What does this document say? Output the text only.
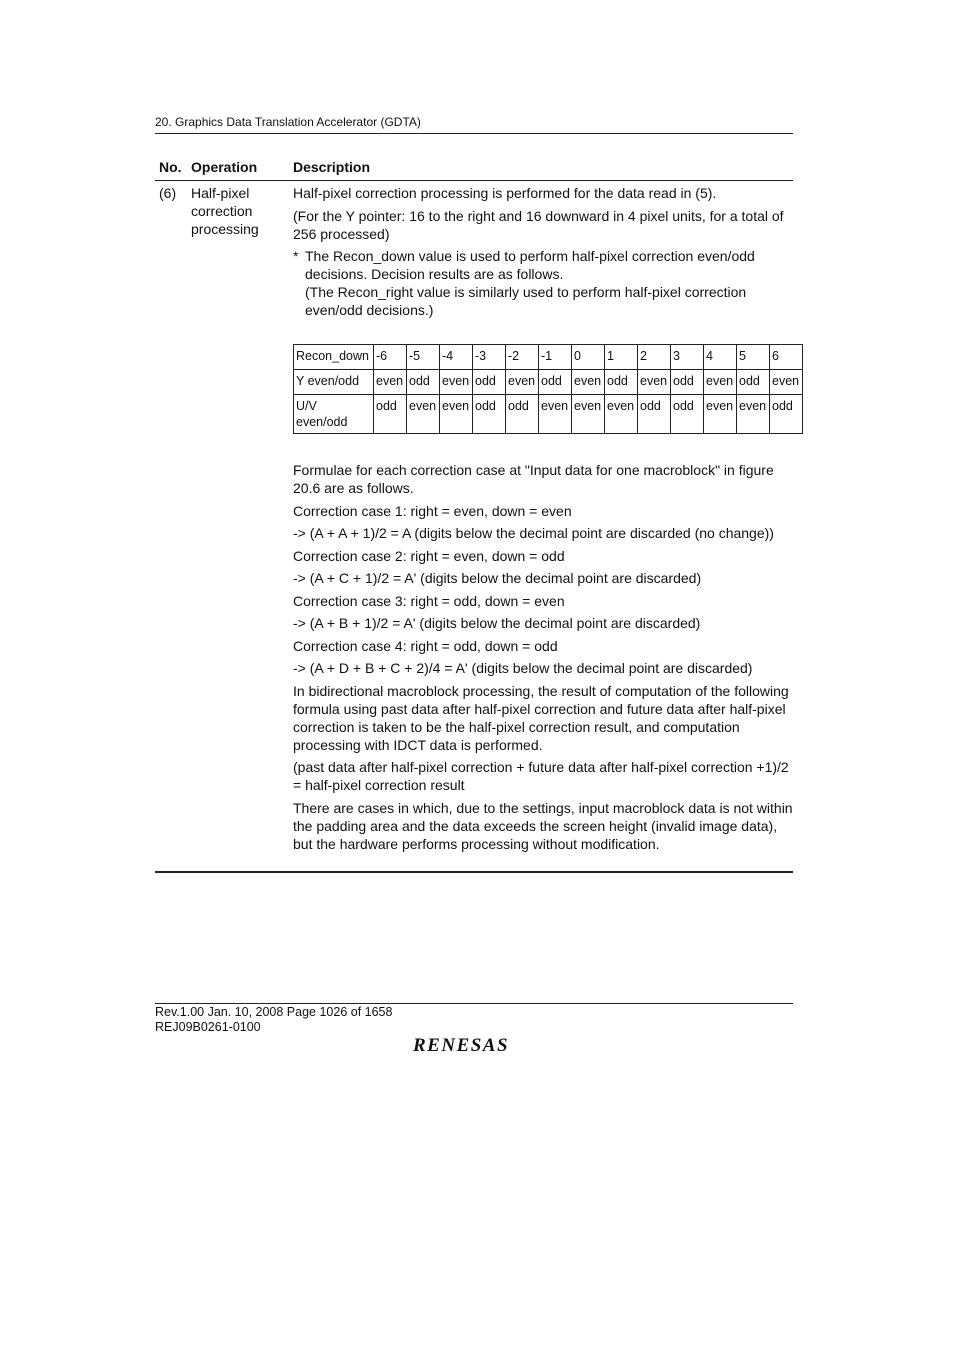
20. Graphics Data Translation Accelerator (GDTA)
No. Operation	Description
(6) Half-pixel correction processing

Half-pixel correction processing is performed for the data read in (5).

(For the Y pointer: 16 to the right and 16 downward in 4 pixel units, for a total of 256 processed)

* The Recon_down value is used to perform half-pixel correction even/odd decisions. Decision results are as follows.
(The Recon_right value is similarly used to perform half-pixel correction even/odd decisions.)

Recon_down	-6	-5	-4	-3	-2	-1	0	1	2	3	4	5	6
Y even/odd	even	odd	even	odd	even	odd	even	odd	even	odd	even	odd	even
U/V even/odd	odd	even	even	odd	odd	even	even	even	odd	odd	even	even	odd

Formulae for each correction case at "Input data for one macroblock" in figure 20.6 are as follows.

Correction case 1: right = even, down = even

-> (A + A + 1)/2 = A (digits below the decimal point are discarded (no change))

Correction case 2: right = even, down = odd

-> (A + C + 1)/2 = A' (digits below the decimal point are discarded)

Correction case 3: right = odd, down = even

-> (A + B + 1)/2 = A' (digits below the decimal point are discarded)

Correction case 4: right = odd, down = odd

-> (A + D + B + C + 2)/4 = A' (digits below the decimal point are discarded)

In bidirectional macroblock processing, the result of computation of the following formula using past data after half-pixel correction and future data after half-pixel correction is taken to be the half-pixel correction result, and computation processing with IDCT data is performed.

(past data after half-pixel correction + future data after half-pixel correction +1)/2 = half-pixel correction result

There are cases in which, due to the settings, input macroblock data is not within the padding area and the data exceeds the screen height (invalid image data), but the hardware performs processing without modification.

Rev.1.00 Jan. 10, 2008 Page 1026 of 1658
REJ09B0261-0100
RENESAS
